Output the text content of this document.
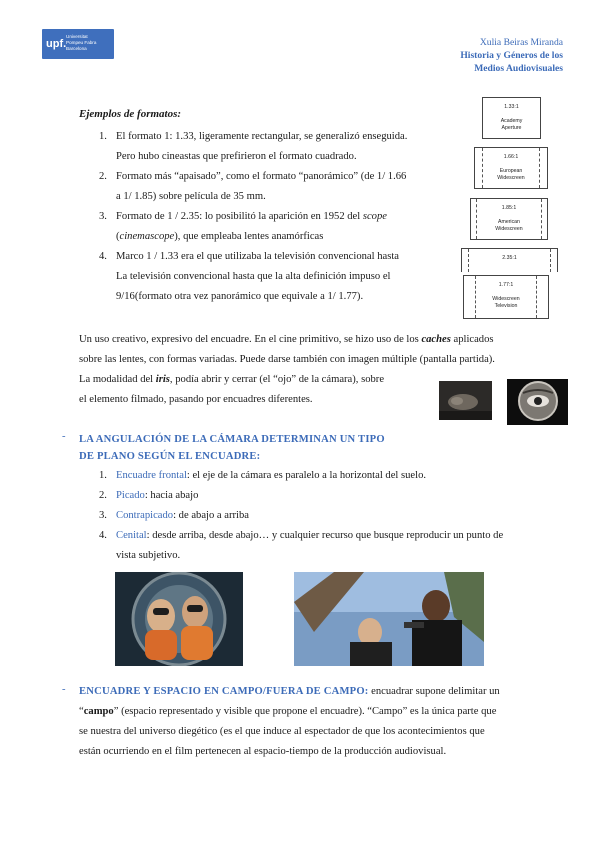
upf.
Universitat
Pompeu Fabra
Barcelona
Xulia Beiras Miranda
Historia y Géneros de los
Medios Audiovisuales
Ejemplos de formatos:
1. El formato 1: 1.33, ligeramente rectangular, se generalizó enseguida.
Pero hubo cineastas que prefirieron el formato cuadrado.
2. Formato más “apaisado”, como el formato “panorámico” (de 1/ 1.66
a 1/ 1.85) sobre película de 35 mm.
3. Formato de 1 / 2.35: lo posibilitó la aparición en 1952 del scope
(cinemascope), que empleaba lentes anamórficas
4. Marco 1 / 1.33 era el que utilizaba la televisión convencional hasta
La televisión convencional hasta que la alta definición impuso el
9/16(formato otra vez panorámico que equivale a 1/ 1.77).
1.33:1
Academy
Aperture
1.66:1
European
Widescreen
1.85:1
American
Widescreen
2.35:1
1.77:1
Widescreen
Television
Un uso creativo, expresivo del encuadre. En el cine primitivo, se hizo uso de los caches aplicados
sobre las lentes, con formas variadas. Puede darse también con imagen múltiple (pantalla partida).
La modalidad del iris, podía abrir y cerrar (el “ojo” de la cámara), sobre
el elemento filmado, pasando por encuadres diferentes.
- LA ANGULACIÓN DE LA CÁMARA DETERMINAN UN TIPO
DE PLANO SEGÚN EL ENCUADRE:
1. Encuadre frontal: el eje de la cámara es paralelo a la horizontal del suelo.
2. Picado: hacia abajo
3. Contrapicado: de abajo a arriba
4. Cenital: desde arriba, desde abajo… y cualquier recurso que busque reproducir un punto de
vista subjetivo.
- ENCUADRE Y ESPACIO EN CAMPO/FUERA DE CAMPO: encuadrar supone delimitar un
“campo” (espacio representado y visible que propone el encuadre). “Campo” es la única parte que
se nuestra del universo diegético (es el que induce al espectador de que los acontecimientos que
están ocurriendo en el film pertenecen al espacio-tiempo de la producción audiovisual.
